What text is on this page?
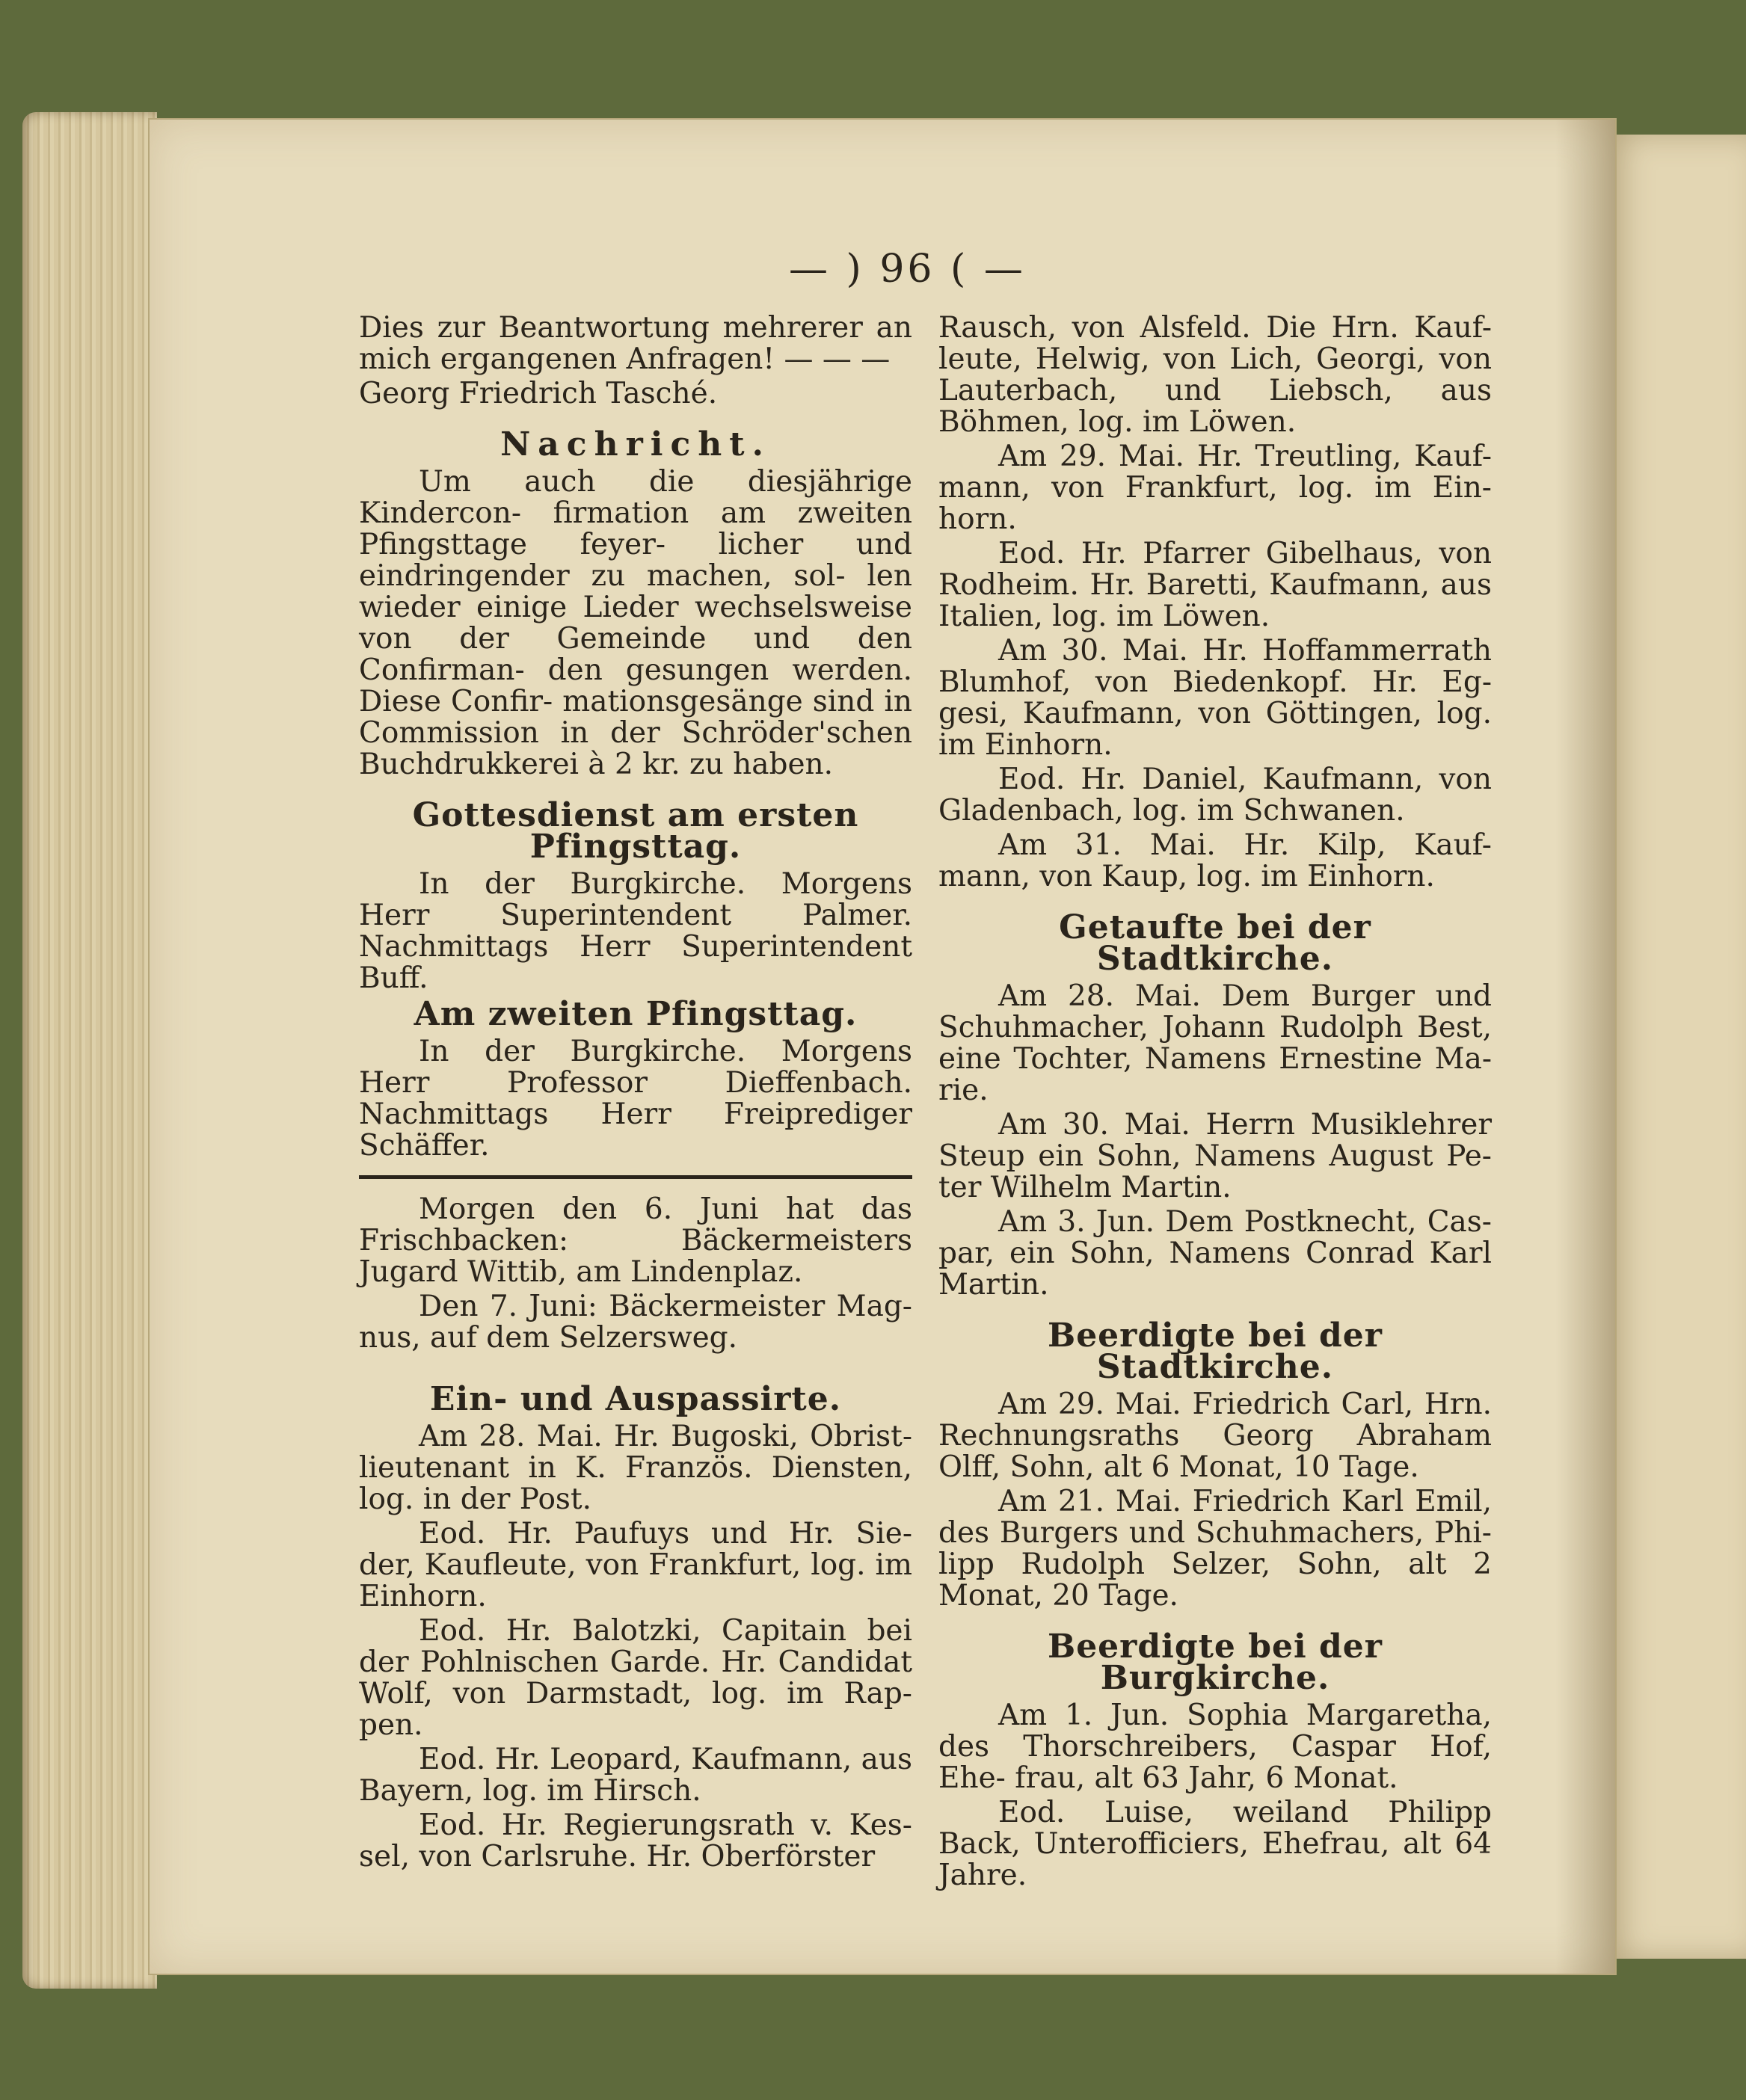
— ) 96 ( —

Dies zur Beantwortung mehrerer an mich ergangenen Anfragen! — — —

Georg Friedrich Tasché.

Nachricht.

Um auch die diesjährige Kindercon- firmation am zweiten Pfingsttage feyer- licher und eindringender zu machen, sol- len wieder einige Lieder wechselsweise von der Gemeinde und den Confirman- den gesungen werden. Diese Confir- mationsgesänge sind in Commission in der Schröder'schen Buchdrukkerei à 2 kr. zu haben.

Gottesdienst am ersten Pfingsttag.

In der Burgkirche. Morgens Herr Superintendent Palmer. Nachmittags Herr Superintendent Buff.

Am zweiten Pfingsttag.

In der Burgkirche. Morgens Herr Professor Dieffenbach. Nachmittags Herr Freiprediger Schäffer.

Morgen den 6. Juni hat das Frischbacken: Bäckermeisters Jugard Wittib, am Lindenplaz.

Den 7. Juni: Bäckermeister Mag- nus, auf dem Selzersweg.

Ein- und Auspassirte.

Am 28. Mai. Hr. Bugoski, Obrist- lieutenant in K. Französ. Diensten, log. in der Post.

Eod. Hr. Paufuys und Hr. Sie- der, Kaufleute, von Frankfurt, log. im Einhorn.

Eod. Hr. Balotzki, Capitain bei der Pohlnischen Garde. Hr. Candidat Wolf, von Darmstadt, log. im Rap- pen.

Eod. Hr. Leopard, Kaufmann, aus Bayern, log. im Hirsch.

Eod. Hr. Regierungsrath v. Kes- sel, von Carlsruhe. Hr. Oberförster

Rausch, von Alsfeld. Die Hrn. Kauf- leute, Helwig, von Lich, Georgi, von Lauterbach, und Liebsch, aus Böhmen, log. im Löwen.

Am 29. Mai. Hr. Treutling, Kauf- mann, von Frankfurt, log. im Ein- horn.

Eod. Hr. Pfarrer Gibelhaus, von Rodheim. Hr. Baretti, Kaufmann, aus Italien, log. im Löwen.

Am 30. Mai. Hr. Hoffammerrath Blumhof, von Biedenkopf. Hr. Eg- gesi, Kaufmann, von Göttingen, log. im Einhorn.

Eod. Hr. Daniel, Kaufmann, von Gladenbach, log. im Schwanen.

Am 31. Mai. Hr. Kilp, Kauf- mann, von Kaup, log. im Einhorn.

Getaufte bei der Stadtkirche.

Am 28. Mai. Dem Burger und Schuhmacher, Johann Rudolph Best, eine Tochter, Namens Ernestine Ma- rie.

Am 30. Mai. Herrn Musiklehrer Steup ein Sohn, Namens August Pe- ter Wilhelm Martin.

Am 3. Jun. Dem Postknecht, Cas- par, ein Sohn, Namens Conrad Karl Martin.

Beerdigte bei der Stadtkirche.

Am 29. Mai. Friedrich Carl, Hrn. Rechnungsraths Georg Abraham Olff, Sohn, alt 6 Monat, 10 Tage.

Am 21. Mai. Friedrich Karl Emil, des Burgers und Schuhmachers, Phi- lipp Rudolph Selzer, Sohn, alt 2 Monat, 20 Tage.

Beerdigte bei der Burgkirche.

Am 1. Jun. Sophia Margaretha, des Thorschreibers, Caspar Hof, Ehe- frau, alt 63 Jahr, 6 Monat.

Eod. Luise, weiland Philipp Back, Unterofficiers, Ehefrau, alt 64 Jahre.
